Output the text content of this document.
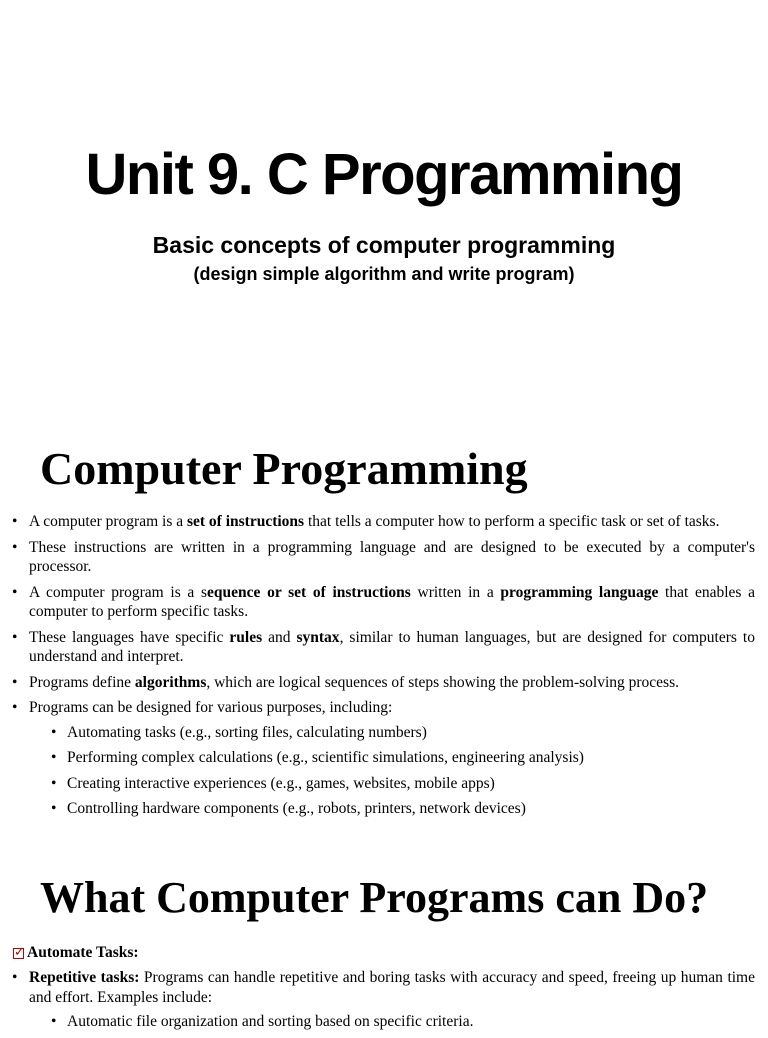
Unit 9. C Programming

Basic concepts of computer programming

(design simple algorithm and write program)

Computer Programming
• A computer program is a set of instructions that tells a computer how to perform a specific task or set of tasks.
• These instructions are written in a programming language and are designed to be executed by a computer's processor.
• A computer program is a sequence or set of instructions written in a programming language that enables a computer to perform specific tasks.
• These languages have specific rules and syntax, similar to human languages, but are designed for computers to understand and interpret.
• Programs define algorithms, which are logical sequences of steps showing the problem-solving process.
• Programs can be designed for various purposes, including:
• Automating tasks (e.g., sorting files, calculating numbers)
• Performing complex calculations (e.g., scientific simulations, engineering analysis)
• Creating interactive experiences (e.g., games, websites, mobile apps)
• Controlling hardware components (e.g., robots, printers, network devices)
What Computer Programs can Do?

✓
Automate Tasks:

• Repetitive tasks: Programs can handle repetitive and boring tasks with accuracy and speed, freeing up human time and effort. Examples include:
• Automatic file organization and sorting based on specific criteria.
